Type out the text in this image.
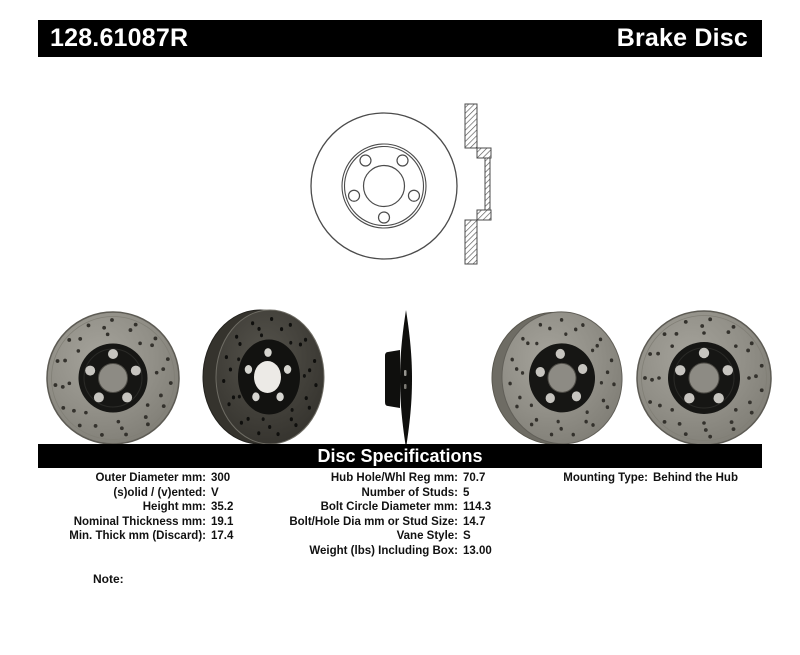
128.61087R	Brake Disc
Disc Specifications
Outer Diameter mm: 300
(s)olid / (v)ented: V
Height mm: 35.2
Nominal Thickness mm: 19.1
Min. Thick mm (Discard): 17.4
Hub Hole/Whl Reg mm: 70.7
Number of Studs: 5
Bolt Circle Diameter mm: 114.3
Bolt/Hole Dia mm or Stud Size: 14.7
Vane Style: S
Weight (lbs) Including Box: 13.00
Mounting Type: Behind the Hub
Note:
